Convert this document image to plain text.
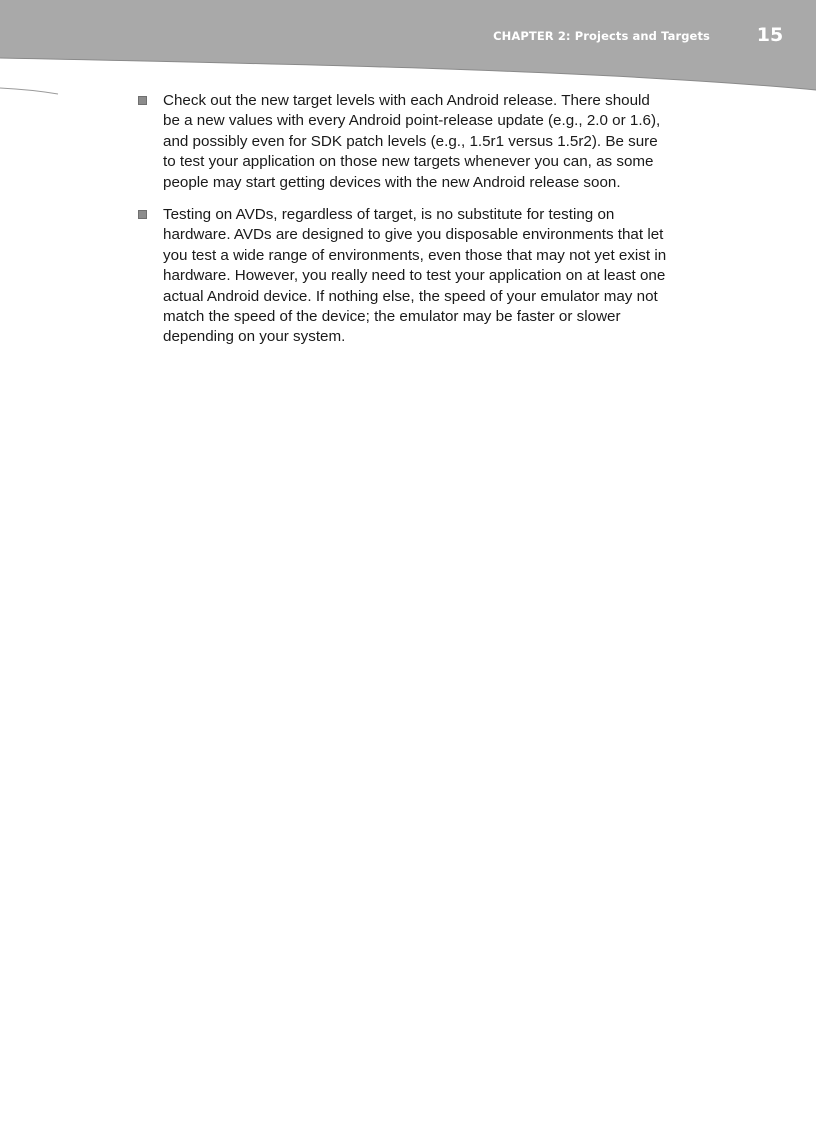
CHAPTER 2: Projects and Targets	15
Check out the new target levels with each Android release. There should be a new values with every Android point-release update (e.g., 2.0 or 1.6), and possibly even for SDK patch levels (e.g., 1.5r1 versus 1.5r2). Be sure to test your application on those new targets whenever you can, as some people may start getting devices with the new Android release soon.
Testing on AVDs, regardless of target, is no substitute for testing on hardware. AVDs are designed to give you disposable environments that let you test a wide range of environments, even those that may not yet exist in hardware. However, you really need to test your application on at least one actual Android device. If nothing else, the speed of your emulator may not match the speed of the device; the emulator may be faster or slower depending on your system.
